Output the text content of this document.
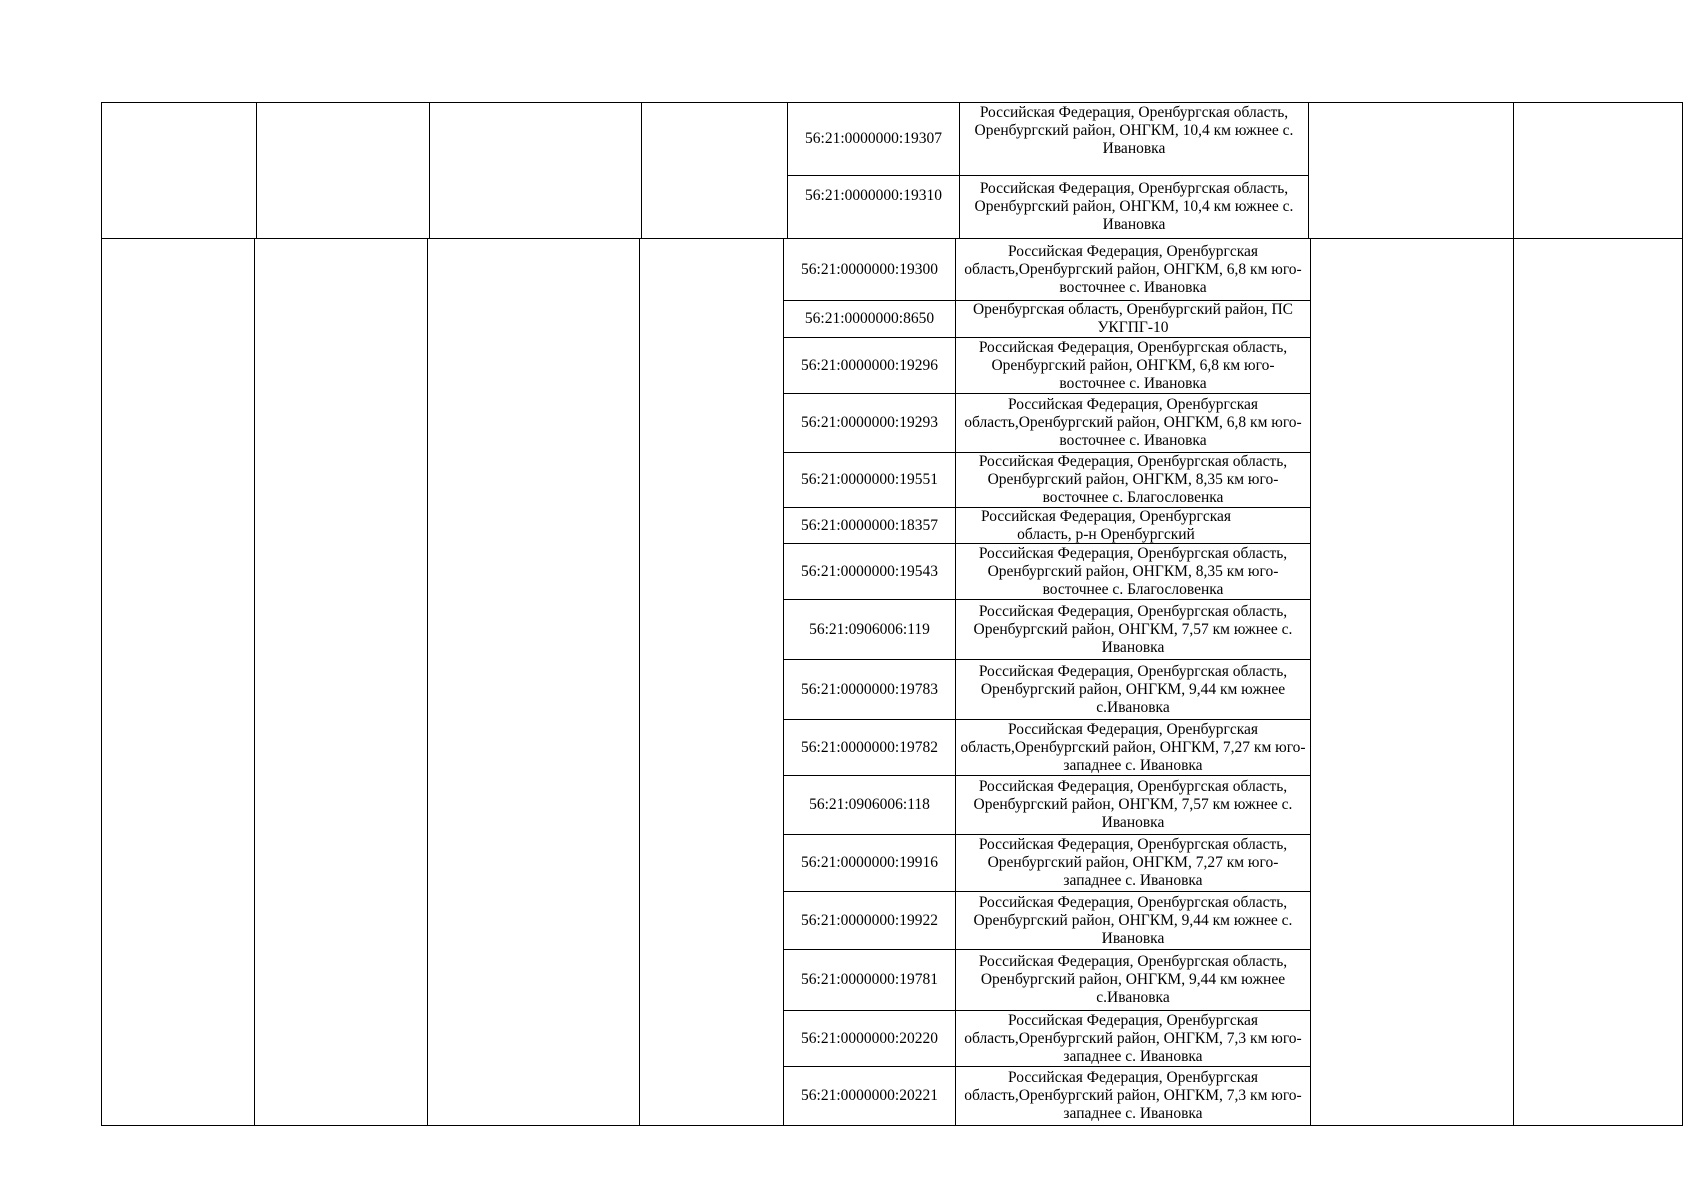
56:21:0000000:19307
Российская Федерация, Оренбургская область, Оренбургский район, ОНГКМ, 10,4 км южнее с. Ивановка
56:21:0000000:19310	Российская Федерация, Оренбургская область, Оренбургский район, ОНГКМ, 10,4 км южнее с. Ивановка
56:21:0000000:19300
Российская Федерация, Оренбургская область,Оренбургский район, ОНГКМ, 6,8 км юго-восточнее с. Ивановка
56:21:0000000:8650
Оренбургская область, Оренбургский район, ПС УКГПГ-10
56:21:0000000:19296
Российская Федерация, Оренбургская область, Оренбургский район, ОНГКМ, 6,8 км юго-восточнее с. Ивановка
56:21:0000000:19293
Российская Федерация, Оренбургская область,Оренбургский район, ОНГКМ, 6,8 км юго-восточнее с. Ивановка
56:21:0000000:19551
Российская Федерация, Оренбургская область, Оренбургский район, ОНГКМ, 8,35 км юго-восточнее с. Благословенка
56:21:0000000:18357
Российская Федерация, Оренбургская область, р-н Оренбургский
56:21:0000000:19543
Российская Федерация, Оренбургская область, Оренбургский район, ОНГКМ, 8,35 км юго-восточнее с. Благословенка
56:21:0906006:119
Российская Федерация, Оренбургская область, Оренбургский район, ОНГКМ, 7,57 км южнее с. Ивановка
56:21:0000000:19783
Российская Федерация, Оренбургская область, Оренбургский район, ОНГКМ, 9,44 км южнее с.Ивановка
56:21:0000000:19782
Российская Федерация, Оренбургская область,Оренбургский район, ОНГКМ, 7,27 км юго- западнее с. Ивановка
56:21:0906006:118
Российская Федерация, Оренбургская область, Оренбургский район, ОНГКМ, 7,57 км южнее с. Ивановка
56:21:0000000:19916
Российская Федерация, Оренбургская область, Оренбургский район, ОНГКМ, 7,27 км юго-западнее с. Ивановка
56:21:0000000:19922
Российская Федерация, Оренбургская область, Оренбургский район, ОНГКМ, 9,44 км южнее с. Ивановка
56:21:0000000:19781
Российская Федерация, Оренбургская область, Оренбургский район, ОНГКМ, 9,44 км южнее с.Ивановка
56:21:0000000:20220
Российская Федерация, Оренбургская область,Оренбургский район, ОНГКМ, 7,3 км юго- западнее с. Ивановка
56:21:0000000:20221
Российская Федерация, Оренбургская область,Оренбургский район, ОНГКМ, 7,3 км юго-западнее с. Ивановка
